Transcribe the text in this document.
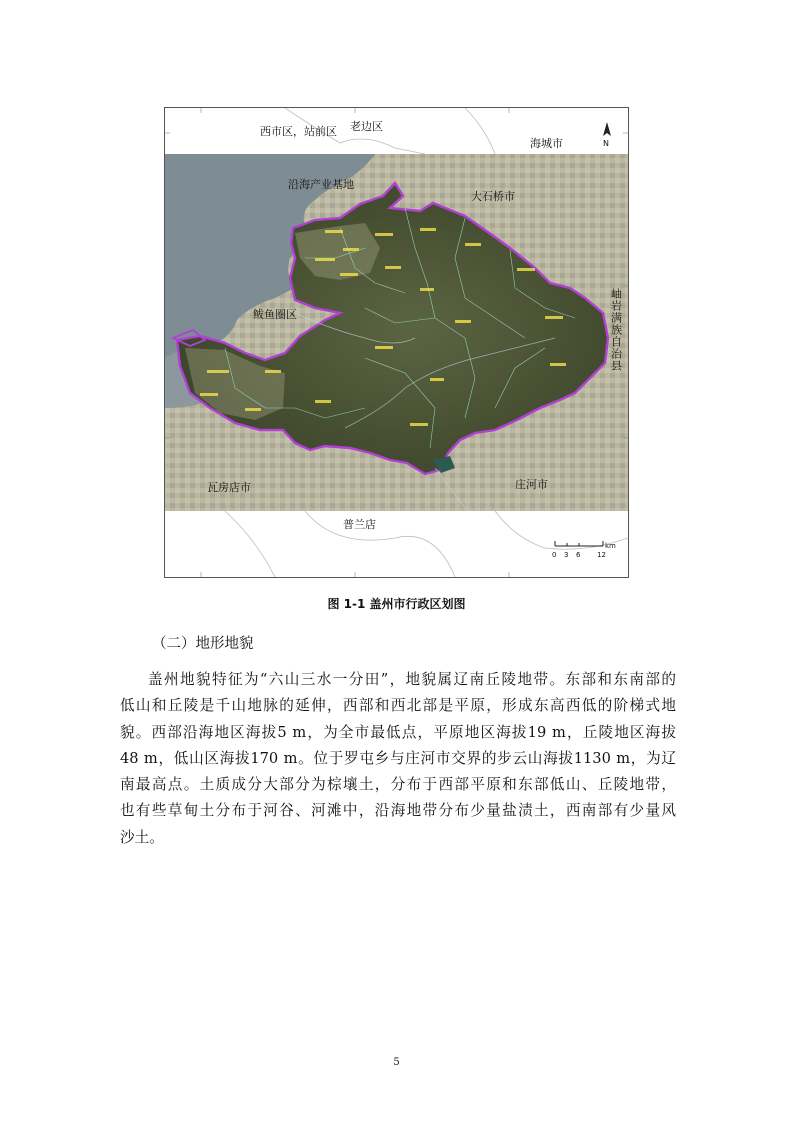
西市区，站前区 老边区
海城市
沿海产业基地
大石桥市
鲅鱼圈区
瓦房店市	庄河市
普兰店
岫岩满族自治县
N
0 3 6 12
km
图 1-1 盖州市行政区划图
（二）地形地貌
盖州地貌特征为“六山三水一分田”，地貌属辽南丘陵地带。东部和东南部的
低山和丘陵是千山地脉的延伸，西部和西北部是平原，形成东高西低的阶梯式地
貌。西部沿海地区海拔5 m，为全市最低点，平原地区海拔19 m，丘陵地区海拔
48 m，低山区海拔170 m。位于罗屯乡与庄河市交界的步云山海拔1130 m，为辽
南最高点。土质成分大部分为棕壤土，分布于西部平原和东部低山、丘陵地带，
也有些草甸土分布于河谷、河滩中，沿海地带分布少量盐渍土，西南部有少量风
沙土。
5
